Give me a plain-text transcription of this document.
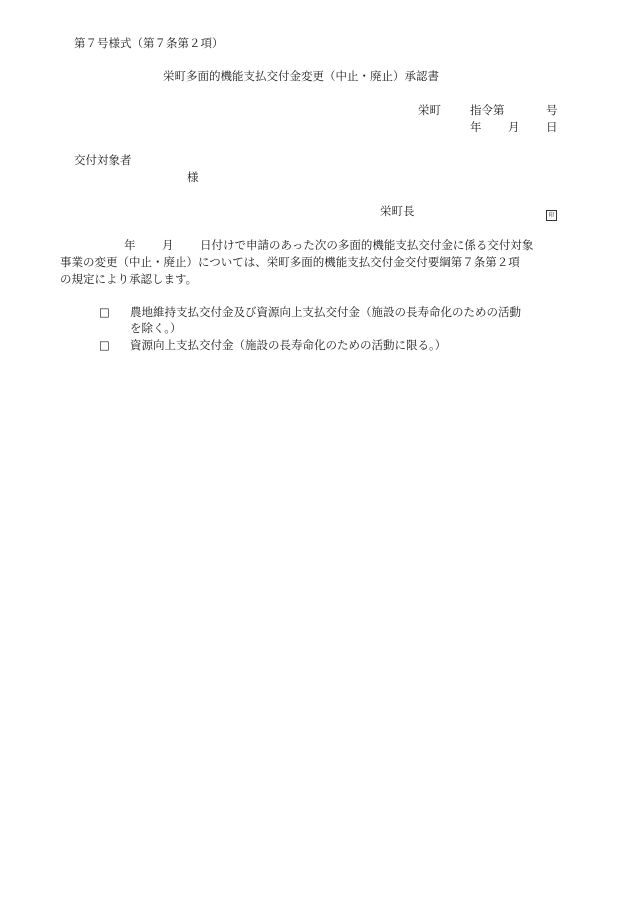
第７号様式（第７条第２項）
栄町多面的機能支払交付金変更（中止・廃止）承認書
栄町	指令第	号
年 月 日
交付対象者
様
栄町長	印
年 月 日付けで申請のあった次の多面的機能支払交付金に係る交付対象
事業の変更（中止・廃止）については、栄町多面的機能支払交付金交付要綱第７条第２項
の規定により承認します。
□ 農地維持支払交付金及び資源向上支払交付金（施設の長寿命化のための活動
を除く。）
□ 資源向上支払交付金（施設の長寿命化のための活動に限る。）
